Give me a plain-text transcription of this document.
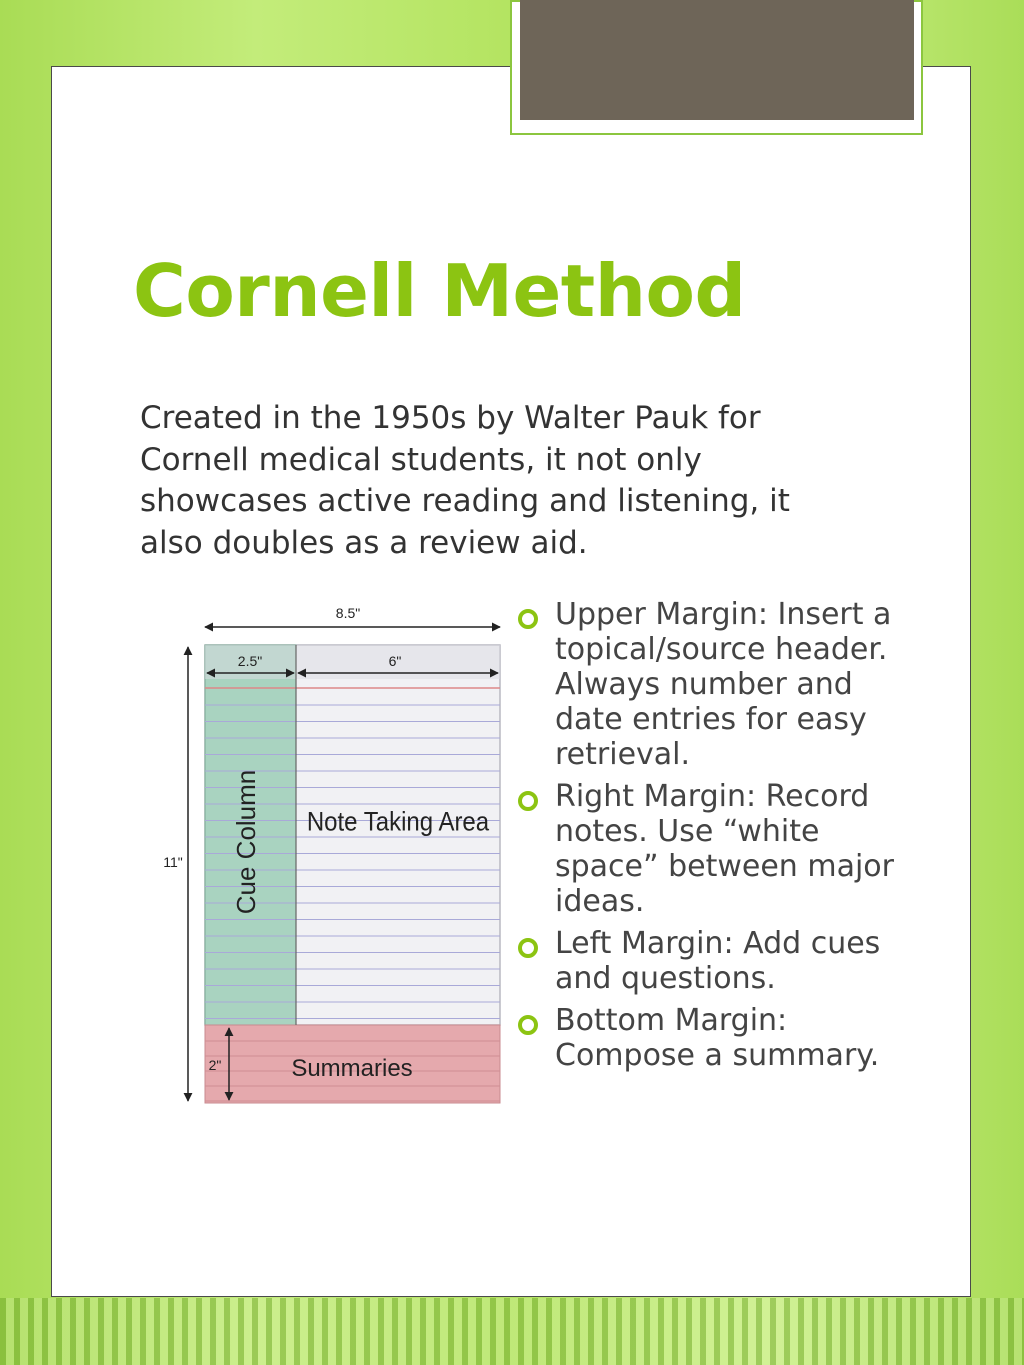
Cornell Method
Created in the 1950s by Walter Pauk for Cornell medical students, it not only showcases active reading and listening, it also doubles as a review aid.
8.5"
2.5"	6"
11"
2"
Cue Column Note Taking Area
Summaries
Upper Margin: Insert a topical/source header. Always number and date entries for easy retrieval.
Right Margin: Record notes. Use “white space” between major ideas.
Left Margin: Add cues and questions.
Bottom Margin: Compose a summary.
